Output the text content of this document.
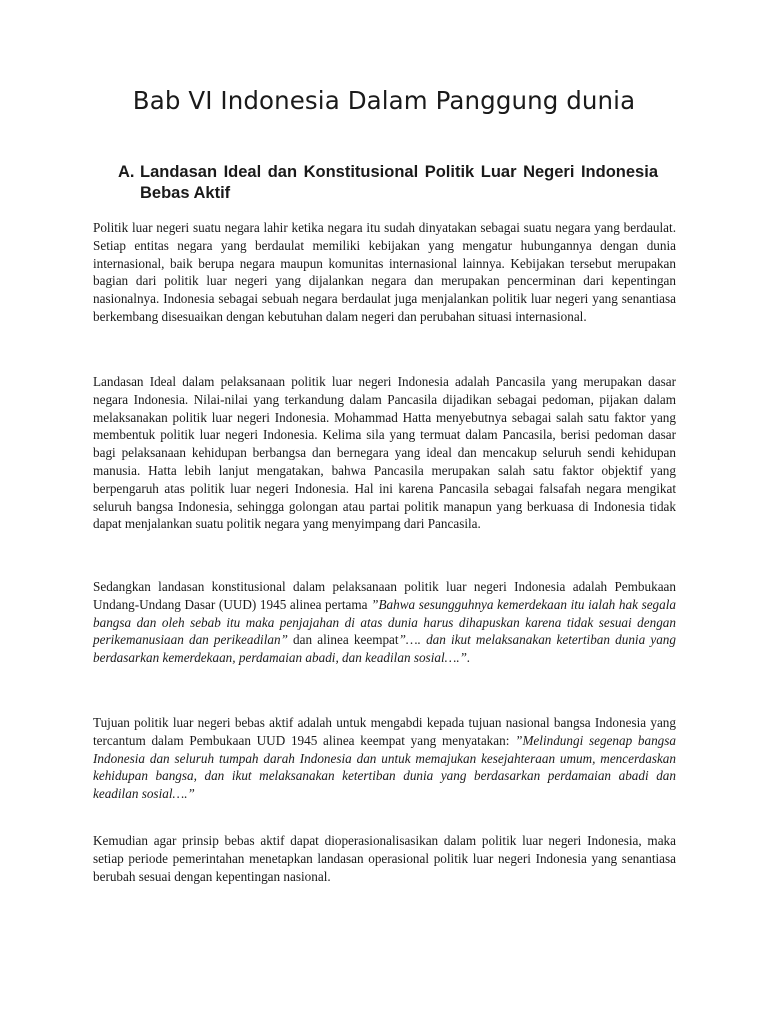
Bab VI Indonesia Dalam Panggung dunia
A. Landasan Ideal dan Konstitusional Politik Luar Negeri Indonesia Bebas Aktif

Politik luar negeri suatu negara lahir ketika negara itu sudah dinyatakan sebagai suatu negara yang berdaulat. Setiap entitas negara yang berdaulat memiliki kebijakan yang mengatur hubungannya dengan dunia internasional, baik berupa negara maupun komunitas internasional lainnya. Kebijakan tersebut merupakan bagian dari politik luar negeri yang dijalankan negara dan merupakan pencerminan dari kepentingan nasionalnya. Indonesia sebagai sebuah negara berdaulat juga menjalankan politik luar negeri yang senantiasa berkembang disesuaikan dengan kebutuhan dalam negeri dan perubahan situasi internasional.

Landasan Ideal dalam pelaksanaan politik luar negeri Indonesia adalah Pancasila yang merupakan dasar negara Indonesia. Nilai-nilai yang terkandung dalam Pancasila dijadikan sebagai pedoman, pijakan dalam melaksanakan politik luar negeri Indonesia. Mohammad Hatta menyebutnya sebagai salah satu faktor yang membentuk politik luar negeri Indonesia. Kelima sila yang termuat dalam Pancasila, berisi pedoman dasar bagi pelaksanaan kehidupan berbangsa dan bernegara yang ideal dan mencakup seluruh sendi kehidupan manusia. Hatta lebih lanjut mengatakan, bahwa Pancasila merupakan salah satu faktor objektif yang berpengaruh atas politik luar negeri Indonesia. Hal ini karena Pancasila sebagai falsafah negara mengikat seluruh bangsa Indonesia, sehingga golongan atau partai politik manapun yang berkuasa di Indonesia tidak dapat menjalankan suatu politik negara yang menyimpang dari Pancasila.

Sedangkan landasan konstitusional dalam pelaksanaan politik luar negeri Indonesia adalah Pembukaan Undang-Undang Dasar (UUD) 1945 alinea pertama ”Bahwa sesungguhnya kemerdekaan itu ialah hak segala bangsa dan oleh sebab itu maka penjajahan di atas dunia harus dihapuskan karena tidak sesuai dengan perikemanusiaan dan perikeadilan” dan alinea keempat”…. dan ikut melaksanakan ketertiban dunia yang berdasarkan kemerdekaan, perdamaian abadi, dan keadilan sosial….”.

Tujuan politik luar negeri bebas aktif adalah untuk mengabdi kepada tujuan nasional bangsa Indonesia yang tercantum dalam Pembukaan UUD 1945 alinea keempat yang menyatakan: ”Melindungi segenap bangsa Indonesia dan seluruh tumpah darah Indonesia dan untuk memajukan kesejahteraan umum, mencerdaskan kehidupan bangsa, dan ikut melaksanakan ketertiban dunia yang berdasarkan perdamaian abadi dan keadilan sosial….”

Kemudian agar prinsip bebas aktif dapat dioperasionalisasikan dalam politik luar negeri Indonesia, maka setiap periode pemerintahan menetapkan landasan operasional politik luar negeri Indonesia yang senantiasa berubah sesuai dengan kepentingan nasional.
